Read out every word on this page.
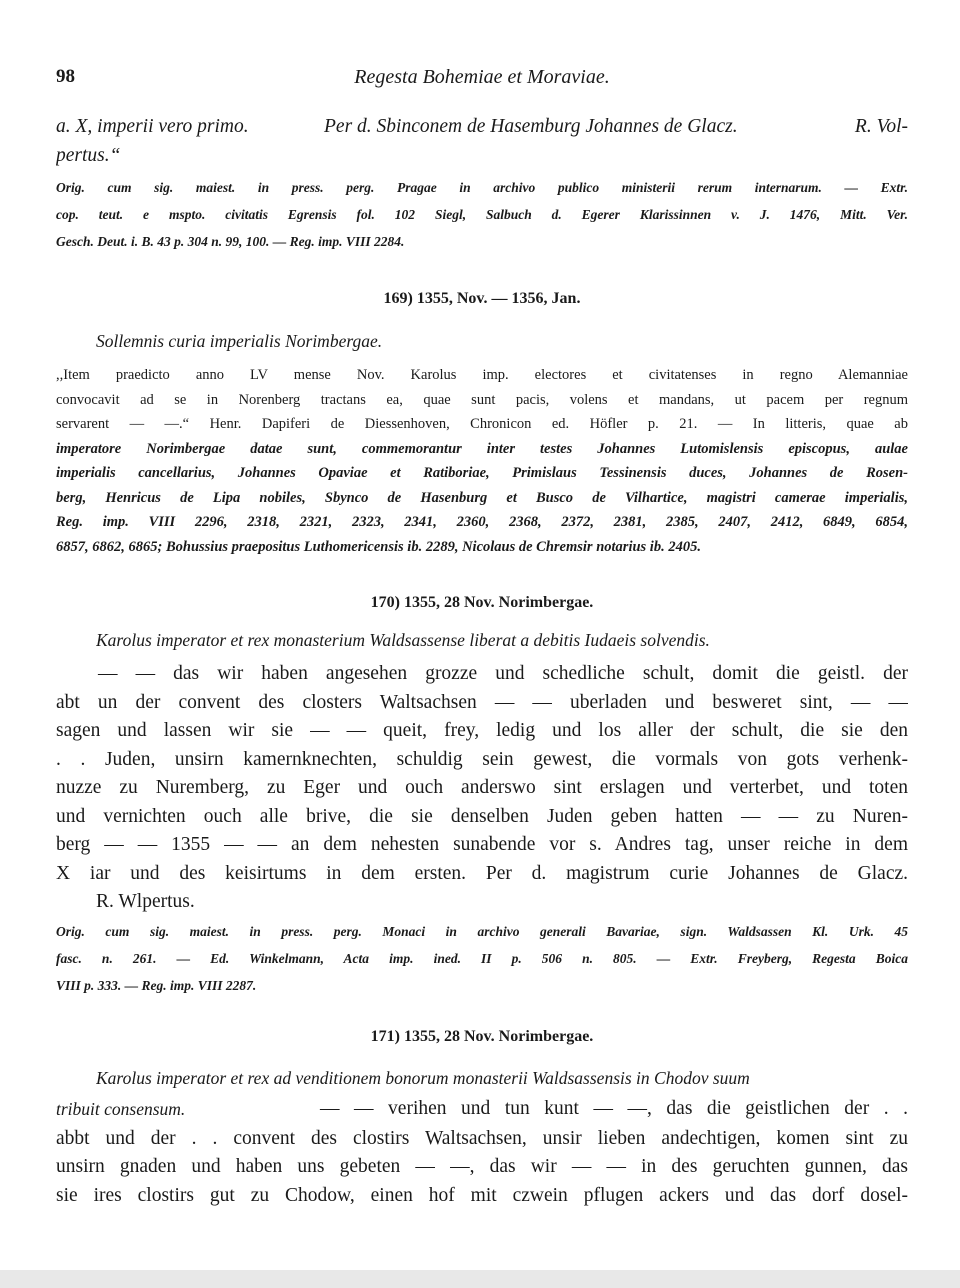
98	Regesta Bohemiae et Moraviae.
a. X, imperii vero primo.	Per d. Sbinconem de Hasemburg Johannes de Glacz.	R. Vol-
pertus.“
Orig. cum sig. maiest. in press. perg. Pragae in archivo publico ministerii rerum internarum. — Extr.
cop. teut. e mspto. civitatis Egrensis fol. 102 Siegl, Salbuch d. Egerer Klarissinnen v. J. 1476, Mitt. Ver.
Gesch. Deut. i. B. 43 p. 304 n. 99, 100. — Reg. imp. VIII 2284.
169) 1355, Nov. — 1356, Jan.
Sollemnis curia imperialis Norimbergae.
,,Item praedicto anno LV mense Nov. Karolus imp. electores et civitatenses in regno Alemanniae
convocavit ad se in Norenberg tractans ea, quae sunt pacis, volens et mandans, ut pacem per regnum
servarent — —.“ Henr. Dapiferi de Diessenhoven, Chronicon ed. Höfler p. 21. — In litteris, quae ab
imperatore Norimbergae datae sunt, commemorantur inter testes Johannes Lutomislensis episcopus, aulae
imperialis cancellarius, Johannes Opaviae et Ratiboriae, Primislaus Tessinensis duces, Johannes de Rosen-
berg, Henricus de Lipa nobiles, Sbynco de Hasenburg et Busco de Vilhartice, magistri camerae imperialis,
Reg. imp. VIII 2296, 2318, 2321, 2323, 2341, 2360, 2368, 2372, 2381, 2385, 2407, 2412, 6849, 6854,
6857, 6862, 6865; Bohussius praepositus Luthomericensis ib. 2289, Nicolaus de Chremsir notarius ib. 2405.
170) 1355, 28 Nov. Norimbergae.
Karolus imperator et rex monasterium Waldsassense liberat a debitis Iudaeis solvendis.
— — das wir haben angesehen grozze und schedliche schult, domit die geistl. der
abt un der convent des closters Waltsachsen — — uberladen und besweret sint, — —
sagen und lassen wir sie — — queit, frey, ledig und los aller der schult, die sie den
. . Juden, unsirn kamernknechten, schuldig sein gewest, die vormals von gots verhenk-
nuzze zu Nuremberg, zu Eger und ouch anderswo sint erslagen und verterbet, und toten
und vernichten ouch alle brive, die sie denselben Juden geben hatten — — zu Nuren-
berg — — 1355 — — an dem nehesten sunabende vor s. Andres tag, unser reiche in dem
X iar und des keisirtums in dem ersten. Per d. magistrum curie Johannes de Glacz.
R. Wlpertus.
Orig. cum sig. maiest. in press. perg. Monaci in archivo generali Bavariae, sign. Waldsassen Kl. Urk. 45
fasc. n. 261. — Ed. Winkelmann, Acta imp. ined. II p. 506 n. 805. — Extr. Freyberg, Regesta Boica
VIII p. 333. — Reg. imp. VIII 2287.
171) 1355, 28 Nov. Norimbergae.
Karolus imperator et rex ad venditionem bonorum monasterii Waldsassensis in Chodov suum
tribuit consensum.	— — verihen und tun kunt — —, das die geistlichen der . .
abbt und der . . convent des clostirs Waltsachsen, unsir lieben andechtigen, komen sint zu
unsirn gnaden und haben uns gebeten — —, das wir — — in des geruchten gunnen, das
sie ires clostirs gut zu Chodow, einen hof mit czwein pflugen ackers und das dorf dosel-
